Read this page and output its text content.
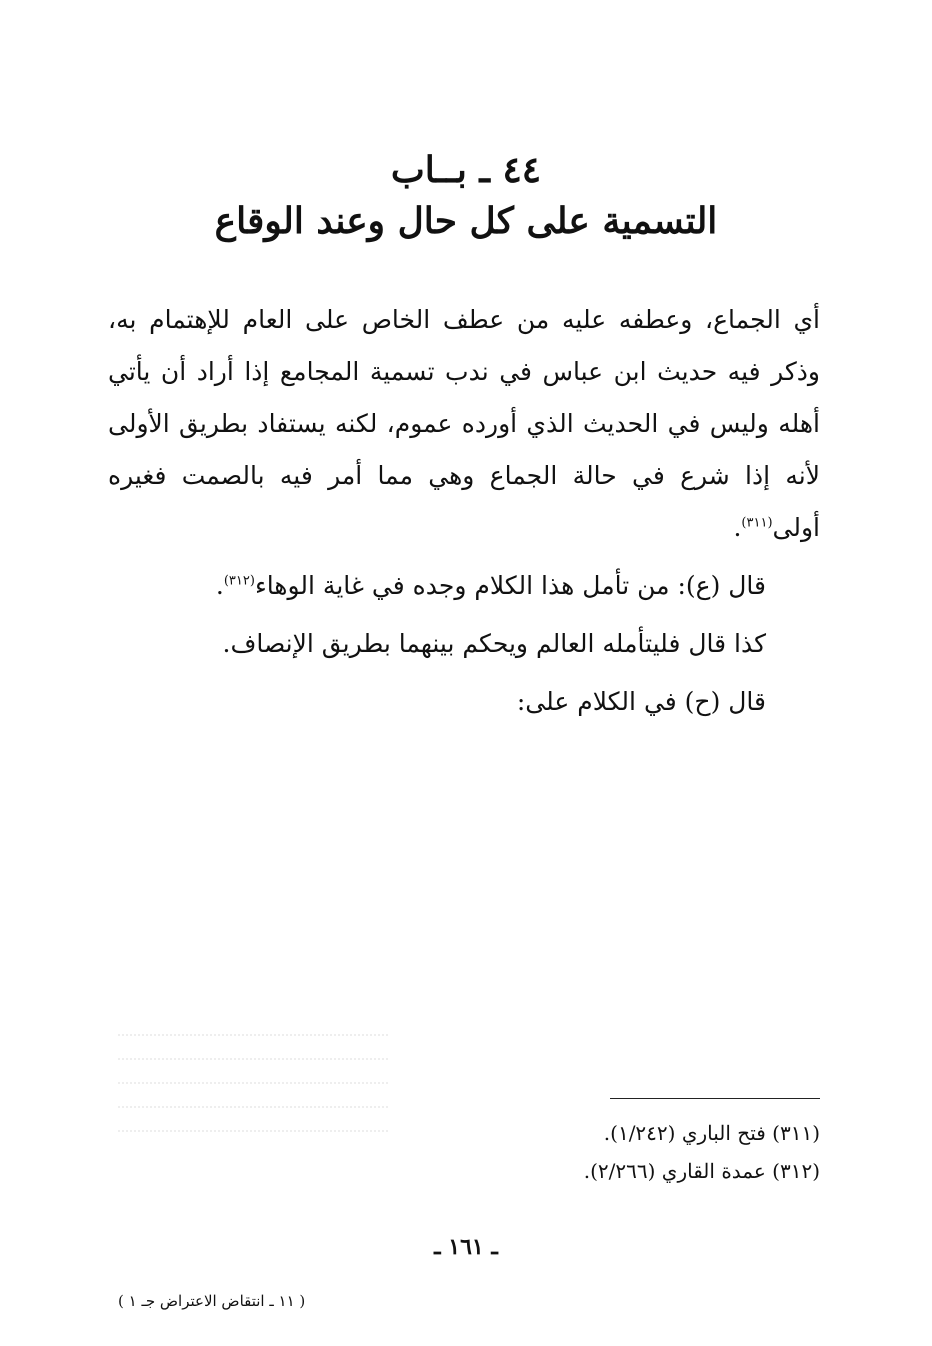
٤٤ ـ بــاب
التسمية على كل حال وعند الوقاع

أي الجماع، وعطفه عليه من عطف الخاص على العام للإهتمام به، وذكر فيه حديث ابن عباس في ندب تسمية المجامع إذا أراد أن يأتي أهله وليس في الحديث الذي أورده عموم، لكنه يستفاد بطريق الأولى لأنه إذا شرع في حالة الجماع وهي مما أمر فيه بالصمت فغيره أولى$^{(٣١١)}$.

قال (ع): من تأمل هذا الكلام وجده في غاية الوهاء$^{(٣١٢)}$.

كذا قال فليتأمله العالم ويحكم بينهما بطريق الإنصاف.

قال (ح) في الكلام على:

(٣١١) فتح الباري (١/٢٤٢).
(٣١٢) عمدة القاري (٢/٢٦٦).
ـ ١٦١ ـ
( ١١ ـ انتقاض الاعتراض جـ ١ )
